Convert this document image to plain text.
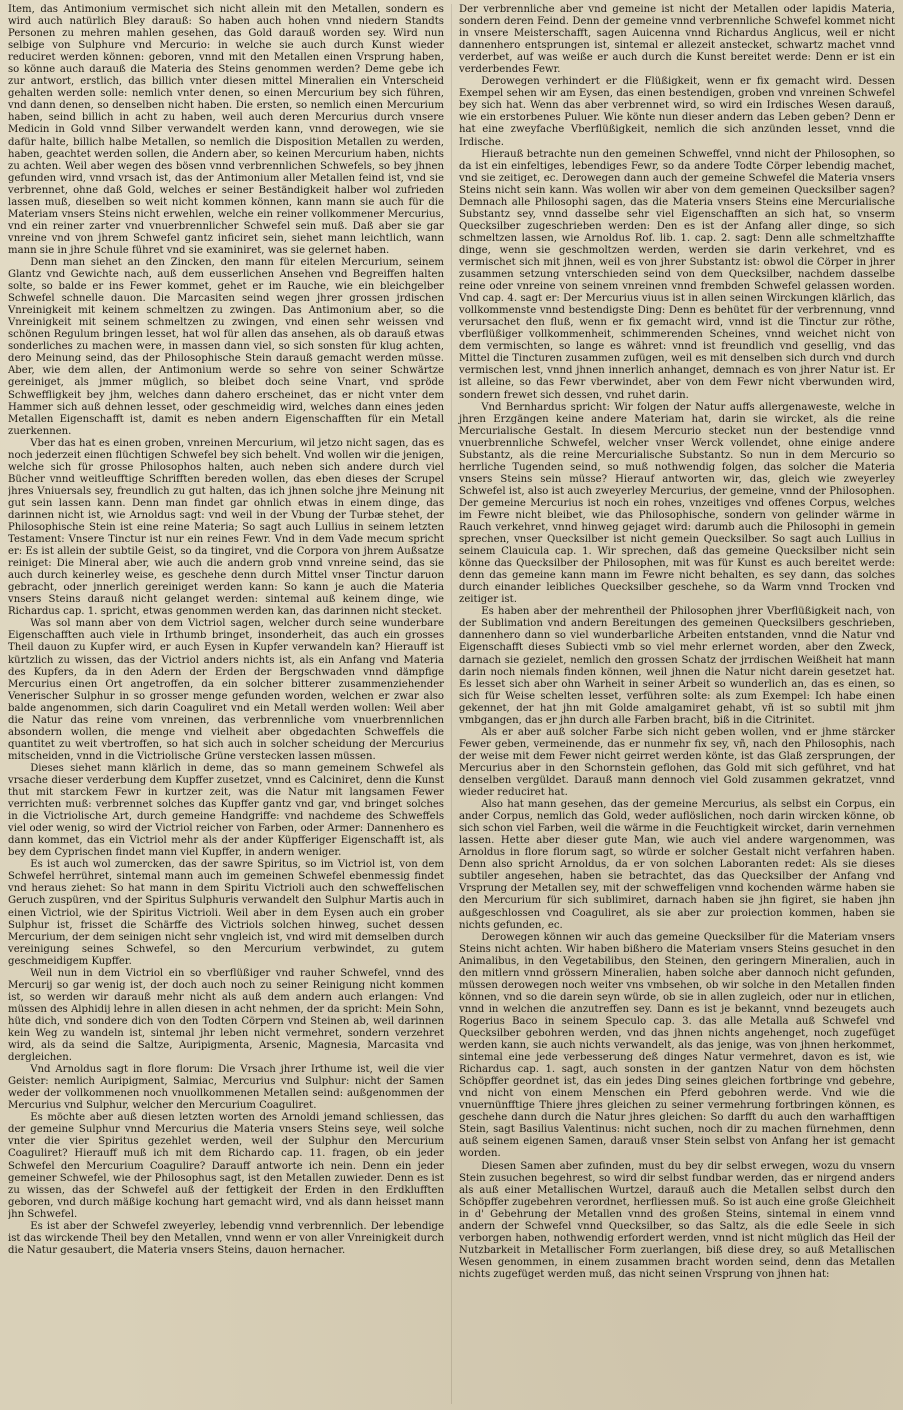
Item, das Antimonium vermischet sich nicht allein mit den Metallen, sondern es wird auch natürlich Bley darauß: So haben auch hohen vnnd niedern Standts Personen zu mehren mahlen gesehen, das Gold darauß worden sey. Wird nun selbige von Sulphure vnd Mercurio: in welche sie auch durch Kunst wieder reduciret werden können: geboren, vnnd mit den Metallen einen Vrsprung haben, so könne auch darauß die Materia des Steins genommen werden? Deme gebe ich zur antwort, erstlich, das billich vnter diesen mittel Mineralien ein Vnterscheid gehalten werden solle: nemlich vnter denen, so einen Mercurium bey sich führen, vnd dann denen, so denselben nicht haben. Die ersten, so nemlich einen Mercurium haben, seind billich in acht zu haben, weil auch deren Mercurius durch vnsere Medicin in Gold vnnd Silber verwandelt werden kann, vnnd derowegen, wie sie dafür halte, billich halbe Metallen, so nemlich die Disposition Metallen zu werden, haben, geachtet werden sollen, die Andern aber, so keinen Mercurium haben, nichts zu achten. Weil aber wegen des bösen vnnd verbrennlichen Schwefels, so bey jhnen gefunden wird, vnnd vrsach ist, das der Antimonium aller Metallen feind ist, vnd sie verbrennet, ohne daß Gold, welches er seiner Beständigkeit halber wol zufrieden lassen muß, dieselben so weit nicht kommen können, kann mann sie auch für die Materiam vnsers Steins nicht erwehlen, welche ein reiner vollkommener Mercurius, vnd ein reiner zarter vnd vnuerbrennlicher Schwefel sein muß. Daß aber sie gar vnreine vnd von jhrem Schwefel gantz inficiret sein, siehet mann leichtlich, wann mann sie in jhre Schule führet vnd sie examiniret, was sie gelernet haben.

Denn man siehet an den Zincken, den mann für eitelen Mercurium, seinem Glantz vnd Gewichte nach, auß dem eusserlichen Ansehen vnd Begreiffen halten solte, so balde er ins Fewer kommet, gehet er im Rauche, wie ein bleichgelber Schwefel schnelle dauon. Die Marcasiten seind wegen jhrer grossen jrdischen Vnreinigkeit mit keinem schmeltzen zu zwingen. Das Antimonium aber, so die Vnreinigkeit mit seinem schmeltzen zu zwingen, vnd einen sehr weissen vnd schönen Regulum bringen lesset, hat wol für allen das ansehen, als ob darauß etwas sonderliches zu machen were, in massen dann viel, so sich sonsten für klug achten, dero Meinung seind, das der Philosophische Stein darauß gemacht werden müsse. Aber, wie dem allen, der Antimonium werde so sehre von seiner Schwärtze gereiniget, als jmmer müglich, so bleibet doch seine Vnart, vnd spröde Schweffligkeit bey jhm, welches dann dahero erscheinet, das er nicht vnter dem Hammer sich auß dehnen lesset, oder geschmeidig wird, welches dann eines jeden Metallen Eigenschafft ist, damit es neben andern Eigenschafften für ein Metall zuerkennen.

Vber das hat es einen groben, vnreinen Mercurium, wil jetzo nicht sagen, das es noch jederzeit einen flüchtigen Schwefel bey sich behelt. Vnd wollen wir die jenigen, welche sich für grosse Philosophos halten, auch neben sich andere durch viel Bücher vnnd weitleufftige Schrifften bereden wollen, das eben dieses der Scrupel jhres Vniuersals sey, freundlich zu gut halten, das ich jhnen solche jhre Meinung nit gut sein lassen kann. Denn man findet gar ohnlich etwas in einem dinge, das darinnen nicht ist, wie Arnoldus sagt: vnd weil in der Vbung der Turbæ stehet, der Philosophische Stein ist eine reine Materia; So sagt auch Lullius in seinem letzten Testament: Vnsere Tinctur ist nur ein reines Fewr. Vnd in dem Vade mecum spricht er: Es ist allein der subtile Geist, so da tingiret, vnd die Corpora von jhrem Außsatze reiniget: Die Mineral aber, wie auch die andern grob vnnd vnreine seind, das sie auch durch keinerley weise, es geschehe denn durch Mittel vnser Tinctur daruon gebracht, oder jnnerlich gereiniget werden kann: So kann je auch die Materia vnsers Steins darauß nicht gelanget werden: sintemal auß keinem dinge, wie Richardus cap. 1. spricht, etwas genommen werden kan, das darinnen nicht stecket.

Was sol mann aber von dem Victriol sagen, welcher durch seine wunderbare Eigenschafften auch viele in Irthumb bringet, insonderheit, das auch ein grosses Theil dauon zu Kupfer wird, er auch Eysen in Kupfer verwandeln kan? Hierauff ist kürtzlich zu wissen, das der Victriol anders nichts ist, als ein Anfang vnd Materia des Kupfers, da in den Adern der Erden der Bergschwaden vnnd dämpfige Mercurius einen Ort angetroffen, da ein solcher bitterer zusammenziehender Venerischer Sulphur in so grosser menge gefunden worden, welchen er zwar also balde angenommen, sich darin Coaguliret vnd ein Metall werden wollen: Weil aber die Natur das reine vom vnreinen, das verbrennliche vom vnuerbrennlichen absondern wollen, die menge vnd vielheit aber obgedachten Schweffels die quantitet zu weit vbertroffen, so hat sich auch in solcher scheidung der Mercurius mitscheiden, vnnd in die Victriolische Grüne verstecken lassen müssen.

Dieses siehet mann klärlich in deme, das so mann gemeinem Schwefel als vrsache dieser verderbung dem Kupffer zusetzet, vnnd es Calciniret, denn die Kunst thut mit starckem Fewr in kurtzer zeit, was die Natur mit langsamen Fewer verrichten muß: verbrennet solches das Kupffer gantz vnd gar, vnd bringet solches in die Victriolische Art, durch gemeine Handgriffe: vnd nachdeme des Schweffels viel oder wenig, so wird der Victriol reicher von Farben, oder Armer: Dannenhero es dann kommet, das ein Victriol mehr als der ander Küpfferiger Eigenschafft ist, als bey dem Cyprischen findet mann viel Kupffer, in andern weniger.

Es ist auch wol zumercken, das der sawre Spiritus, so im Victriol ist, von dem Schwefel herrühret, sintemal mann auch im gemeinen Schwefel ebenmessig findet vnd heraus ziehet: So hat mann in dem Spiritu Victrioli auch den schweffelischen Geruch zuspüren, vnd der Spiritus Sulphuris verwandelt den Sulphur Martis auch in einen Victriol, wie der Spiritus Victrioli. Weil aber in dem Eysen auch ein grober Sulphur ist, frisset die Schärffe des Victriols solchen hinweg, suchet dessen Mercurium, der dem seinigen nicht sehr vngleich ist, vnd wird mit demselben durch vereinigung seines Schwefel, so den Mercurium verbwindet, zu gutem geschmeidigem Kupffer.

Weil nun in dem Victriol ein so vberflüßiger vnd rauher Schwefel, vnnd des Mercurij so gar wenig ist, der doch auch noch zu seiner Reinigung nicht kommen ist, so werden wir darauß mehr nicht als auß dem andern auch erlangen: Vnd müssen des Alphidij lehre in allen diesen in acht nehmen, der da spricht: Mein Sohn, hüte dich, vnd sondere dich von den Todten Cörpern vnd Steinen ab, weil darinnen kein Weg zu wandeln ist, sintemal jhr leben nicht vermehret, sondern verzehret wird, als da seind die Saltze, Auripigmenta, Arsenic, Magnesia, Marcasita vnd dergleichen.

Vnd Arnoldus sagt in flore florum: Die Vrsach jhrer Irthume ist, weil die vier Geister: nemlich Auripigment, Salmiac, Mercurius vnd Sulphur: nicht der Samen weder der vollkommenen noch vnuollkommenen Metallen seind: außgenommen der Mercurius vnd Sulphur, welcher den Mercurium Coaguliret.

Es möchte aber auß diesen letzten worten des Arnoldi jemand schliessen, das der gemeine Sulphur vnnd Mercurius die Materia vnsers Steins seye, weil solche vnter die vier Spiritus gezehlet werden, weil der Sulphur den Mercurium Coaguliret? Hierauff muß ich mit dem Richardo cap. 11. fragen, ob ein jeder Schwefel den Mercurium Coagulire? Darauff antworte ich nein. Denn ein jeder gemeiner Schwefel, wie der Philosophus sagt, ist den Metallen zuwieder. Denn es ist zu wissen, das der Schwefel auß der fettigkeit der Erden in den Erdklufften geboren, vnd durch mäßige kochung hart gemacht wird, vnd als dann heisset mann jhn Schwefel.

Es ist aber der Schwefel zweyerley, lebendig vnnd verbrennlich. Der lebendige ist das wirckende Theil bey den Metallen, vnnd wenn er von aller Vnreinigkeit durch die Natur gesaubert, die Materia vnsers Steins, dauon hernacher.

Der verbrennliche aber vnd gemeine ist nicht der Metallen oder lapidis Materia, sondern deren Feind. Denn der gemeine vnnd verbrennliche Schwefel kommet nicht in vnsere Meisterschafft, sagen Auicenna vnnd Richardus Anglicus, weil er nicht dannenhero entsprungen ist, sintemal er allezeit anstecket, schwartz machet vnnd verderbet, auf was weiße er auch durch die Kunst bereitet werde: Denn er ist ein verderbendes Fewr.

Derowegen verhindert er die Flüßigkeit, wenn er fix gemacht wird. Dessen Exempel sehen wir am Eysen, das einen bestendigen, groben vnd vnreinen Schwefel bey sich hat. Wenn das aber verbrennet wird, so wird ein Irdisches Wesen darauß, wie ein erstorbenes Puluer. Wie könte nun dieser andern das Leben geben? Denn er hat eine zweyfache Vberflüßigkeit, nemlich die sich anzünden lesset, vnnd die Irdische.

Hierauß betrachte nun den gemeinen Schweffel, vnnd nicht der Philosophen, so da ist ein einfeltiges, lebendiges Fewr, so da andere Todte Cörper lebendig machet, vnd sie zeitiget, ec. Derowegen dann auch der gemeine Schwefel die Materia vnsers Steins nicht sein kann. Was wollen wir aber von dem gemeinen Quecksilber sagen? Demnach alle Philosophi sagen, das die Materia vnsers Steins eine Mercurialische Substantz sey, vnnd dasselbe sehr viel Eigenschafften an sich hat, so vnserm Quecksilber zugeschrieben werden: Den es ist der Anfang aller dinge, so sich schmeltzen lassen, wie Arnoldus Rof. lib. 1. cap. 2. sagt: Denn alle schmeltzhaffte dinge, wenn sie geschmoltzen werden, werden sie darin verkehret, vnd es vermischet sich mit jhnen, weil es von jhrer Substantz ist: obwol die Cörper in jhrer zusammen setzung vnterschieden seind von dem Quecksilber, nachdem dasselbe reine oder vnreine von seinem vnreinen vnnd frembden Schwefel gelassen worden. Vnd cap. 4. sagt er: Der Mercurius viuus ist in allen seinen Wirckungen klärlich, das vollkommenste vnnd bestendigste Ding: Denn es behütet für der verbrennung, vnnd verursachet den fluß, wenn er fix gemacht wird, vnnd ist die Tinctur zur röthe, vberflüßiger vollkommenheit, schimmerenden Scheines, vnnd weichet nicht von dem vermischten, so lange es währet: vnnd ist freundlich vnd gesellig, vnd das Mittel die Tincturen zusammen zufügen, weil es mit denselben sich durch vnd durch vermischen lest, vnnd jhnen innerlich anhanget, demnach es von jhrer Natur ist. Er ist alleine, so das Fewr vberwindet, aber von dem Fewr nicht vberwunden wird, sondern frewet sich dessen, vnd ruhet darin.

Vnd Bernhardus spricht: Wir folgen der Natur auffs allergenaweste, welche in jhren Erzgängen keine andere Materiam hat, darin sie wircket, als die reine Mercurialische Gestalt. In diesem Mercurio stecket nun der bestendige vnnd vnuerbrennliche Schwefel, welcher vnser Werck vollendet, ohne einige andere Substantz, als die reine Mercurialische Substantz. So nun in dem Mercurio so herrliche Tugenden seind, so muß nothwendig folgen, das solcher die Materia vnsers Steins sein müsse? Hierauf antworten wir, das, gleich wie zweyerley Schwefel ist, also ist auch zweyerley Mercurius, der gemeine, vnnd der Philosophen. Der gemeine Mercurius ist noch ein rohes, vnzeitiges vnd offenes Corpus, welches im Fewre nicht bleibet, wie das Philosophische, sondern von gelinder wärme in Rauch verkehret, vnnd hinweg gejaget wird: darumb auch die Philosophi in gemein sprechen, vnser Quecksilber ist nicht gemein Quecksilber. So sagt auch Lullius in seinem Clauicula cap. 1. Wir sprechen, daß das gemeine Quecksilber nicht sein könne das Quecksilber der Philosophen, mit was für Kunst es auch bereitet werde: denn das gemeine kann mann im Fewre nicht behalten, es sey dann, das solches durch einander leibliches Quecksilber geschehe, so da Warm vnnd Trocken vnd zeitiger ist.

Es haben aber der mehrentheil der Philosophen jhrer Vberflüßigkeit nach, von der Sublimation vnd andern Bereitungen des gemeinen Quecksilbers geschrieben, dannenhero dann so viel wunderbarliche Arbeiten entstanden, vnnd die Natur vnd Eigenschafft dieses Subiecti vmb so viel mehr erlernet worden, aber den Zweck, darnach sie gezielet, nemlich den grossen Schatz der jrrdischen Weißheit hat mann darin noch niemals finden können, weil jhnen die Natur nicht darein gesetzet hat. Es lesset sich aber ohn Warheit in seiner Arbeit so wunderlich an, das es einen, so sich für Weise schelten lesset, verführen solte: als zum Exempel: Ich habe einen gekennet, der hat jhn mit Golde amalgamiret gehabt, vñ ist so subtil mit jhm vmbgangen, das er jhn durch alle Farben bracht, biß in die Citrinitet.

Als er aber auß solcher Farbe sich nicht geben wollen, vnd er jhme stärcker Fewer geben, vermeinende, das er nunmehr fix sey, vñ, nach den Philosophis, nach der weise mit dem Fewer nicht geirret werden könte, ist das Glaß zersprungen, der Mercurius aber in den Schornstein geflohen, das Gold mit sich geführet, vnd hat denselben vergüldet. Darauß mann dennoch viel Gold zusammen gekratzet, vnnd wieder reduciret hat.

Also hat mann gesehen, das der gemeine Mercurius, als selbst ein Corpus, ein ander Corpus, nemlich das Gold, weder auflöslichen, noch darin wircken könne, ob sich schon viel Farben, weil die wärme in die Feuchtigkeit wircket, darin vernehmen lassen. Hette aber dieser gute Man, wie auch viel andere wargenommen, was Arnoldus in flore florum sagt, so würde er solcher Gestalt nicht verfahren haben. Denn also spricht Arnoldus, da er von solchen Laboranten redet: Als sie dieses subtiler angesehen, haben sie betrachtet, das das Quecksilber der Anfang vnd Vrsprung der Metallen sey, mit der schweffeligen vnnd kochenden wärme haben sie den Mercurium für sich sublimiret, darnach haben sie jhn figiret, sie haben jhn außgeschlossen vnd Coaguliret, als sie aber zur proiection kommen, haben sie nichts gefunden, ec.

Derowegen können wir auch das gemeine Quecksilber für die Materiam vnsers Steins nicht achten. Wir haben bißhero die Materiam vnsers Steins gesuchet in den Animalibus, in den Vegetabilibus, den Steinen, den geringern Mineralien, auch in den mitlern vnnd grössern Mineralien, haben solche aber dannoch nicht gefunden, müssen derowegen noch weiter vns vmbsehen, ob wir solche in den Metallen finden können, vnd so die darein seyn würde, ob sie in allen zugleich, oder nur in etlichen, vnnd in welchen die anzutreffen sey. Dann es ist je bekannt, vnnd bezeugets auch Rogerius Baco in seinem Speculo cap. 3. das alle Metalla auß Schwefel vnd Quecksilber gebohren werden, vnd das jhnen nichts angehenget, noch zugefüget werden kann, sie auch nichts verwandelt, als das jenige, was von jhnen herkommet, sintemal eine jede verbesserung deß dinges Natur vermehret, davon es ist, wie Richardus cap. 1. sagt, auch sonsten in der gantzen Natur von dem höchsten Schöpffer geordnet ist, das ein jedes Ding seines gleichen fortbringe vnd gebehre, vnd nicht von einem Menschen ein Pferd gebohren werde. Vnd wie die vnuernünfftige Thiere jhres gleichen zu seiner vermehrung fortbringen können, es geschehe dann durch die Natur jhres gleichen: So darfft du auch den warhafftigen Stein, sagt Basilius Valentinus: nicht suchen, noch dir zu machen fürnehmen, denn auß seinem eigenen Samen, darauß vnser Stein selbst von Anfang her ist gemacht worden.

Diesen Samen aber zufinden, must du bey dir selbst erwegen, wozu du vnsern Stein zusuchen begehrest, so wird dir selbst fundbar werden, das er nirgend anders als auß einer Metallischen Wurtzel, darauß auch die Metallen selbst durch den Schöpffer zugebehren verordnet, herfliessen muß. So ist auch eine große Gleichheit in d' Gebehrung der Metallen vnnd des großen Steins, sintemal in einem vnnd andern der Schwefel vnnd Quecksilber, so das Saltz, als die edle Seele in sich verborgen haben, nothwendig erfordert werden, vnnd ist nicht müglich das Heil der Nutzbarkeit in Metallischer Form zuerlangen, biß diese drey, so auß Metallischen Wesen genommen, in einem zusammen bracht worden seind, denn das Metallen nichts zugefüget werden muß, das nicht seinen Vrsprung von jhnen hat:
